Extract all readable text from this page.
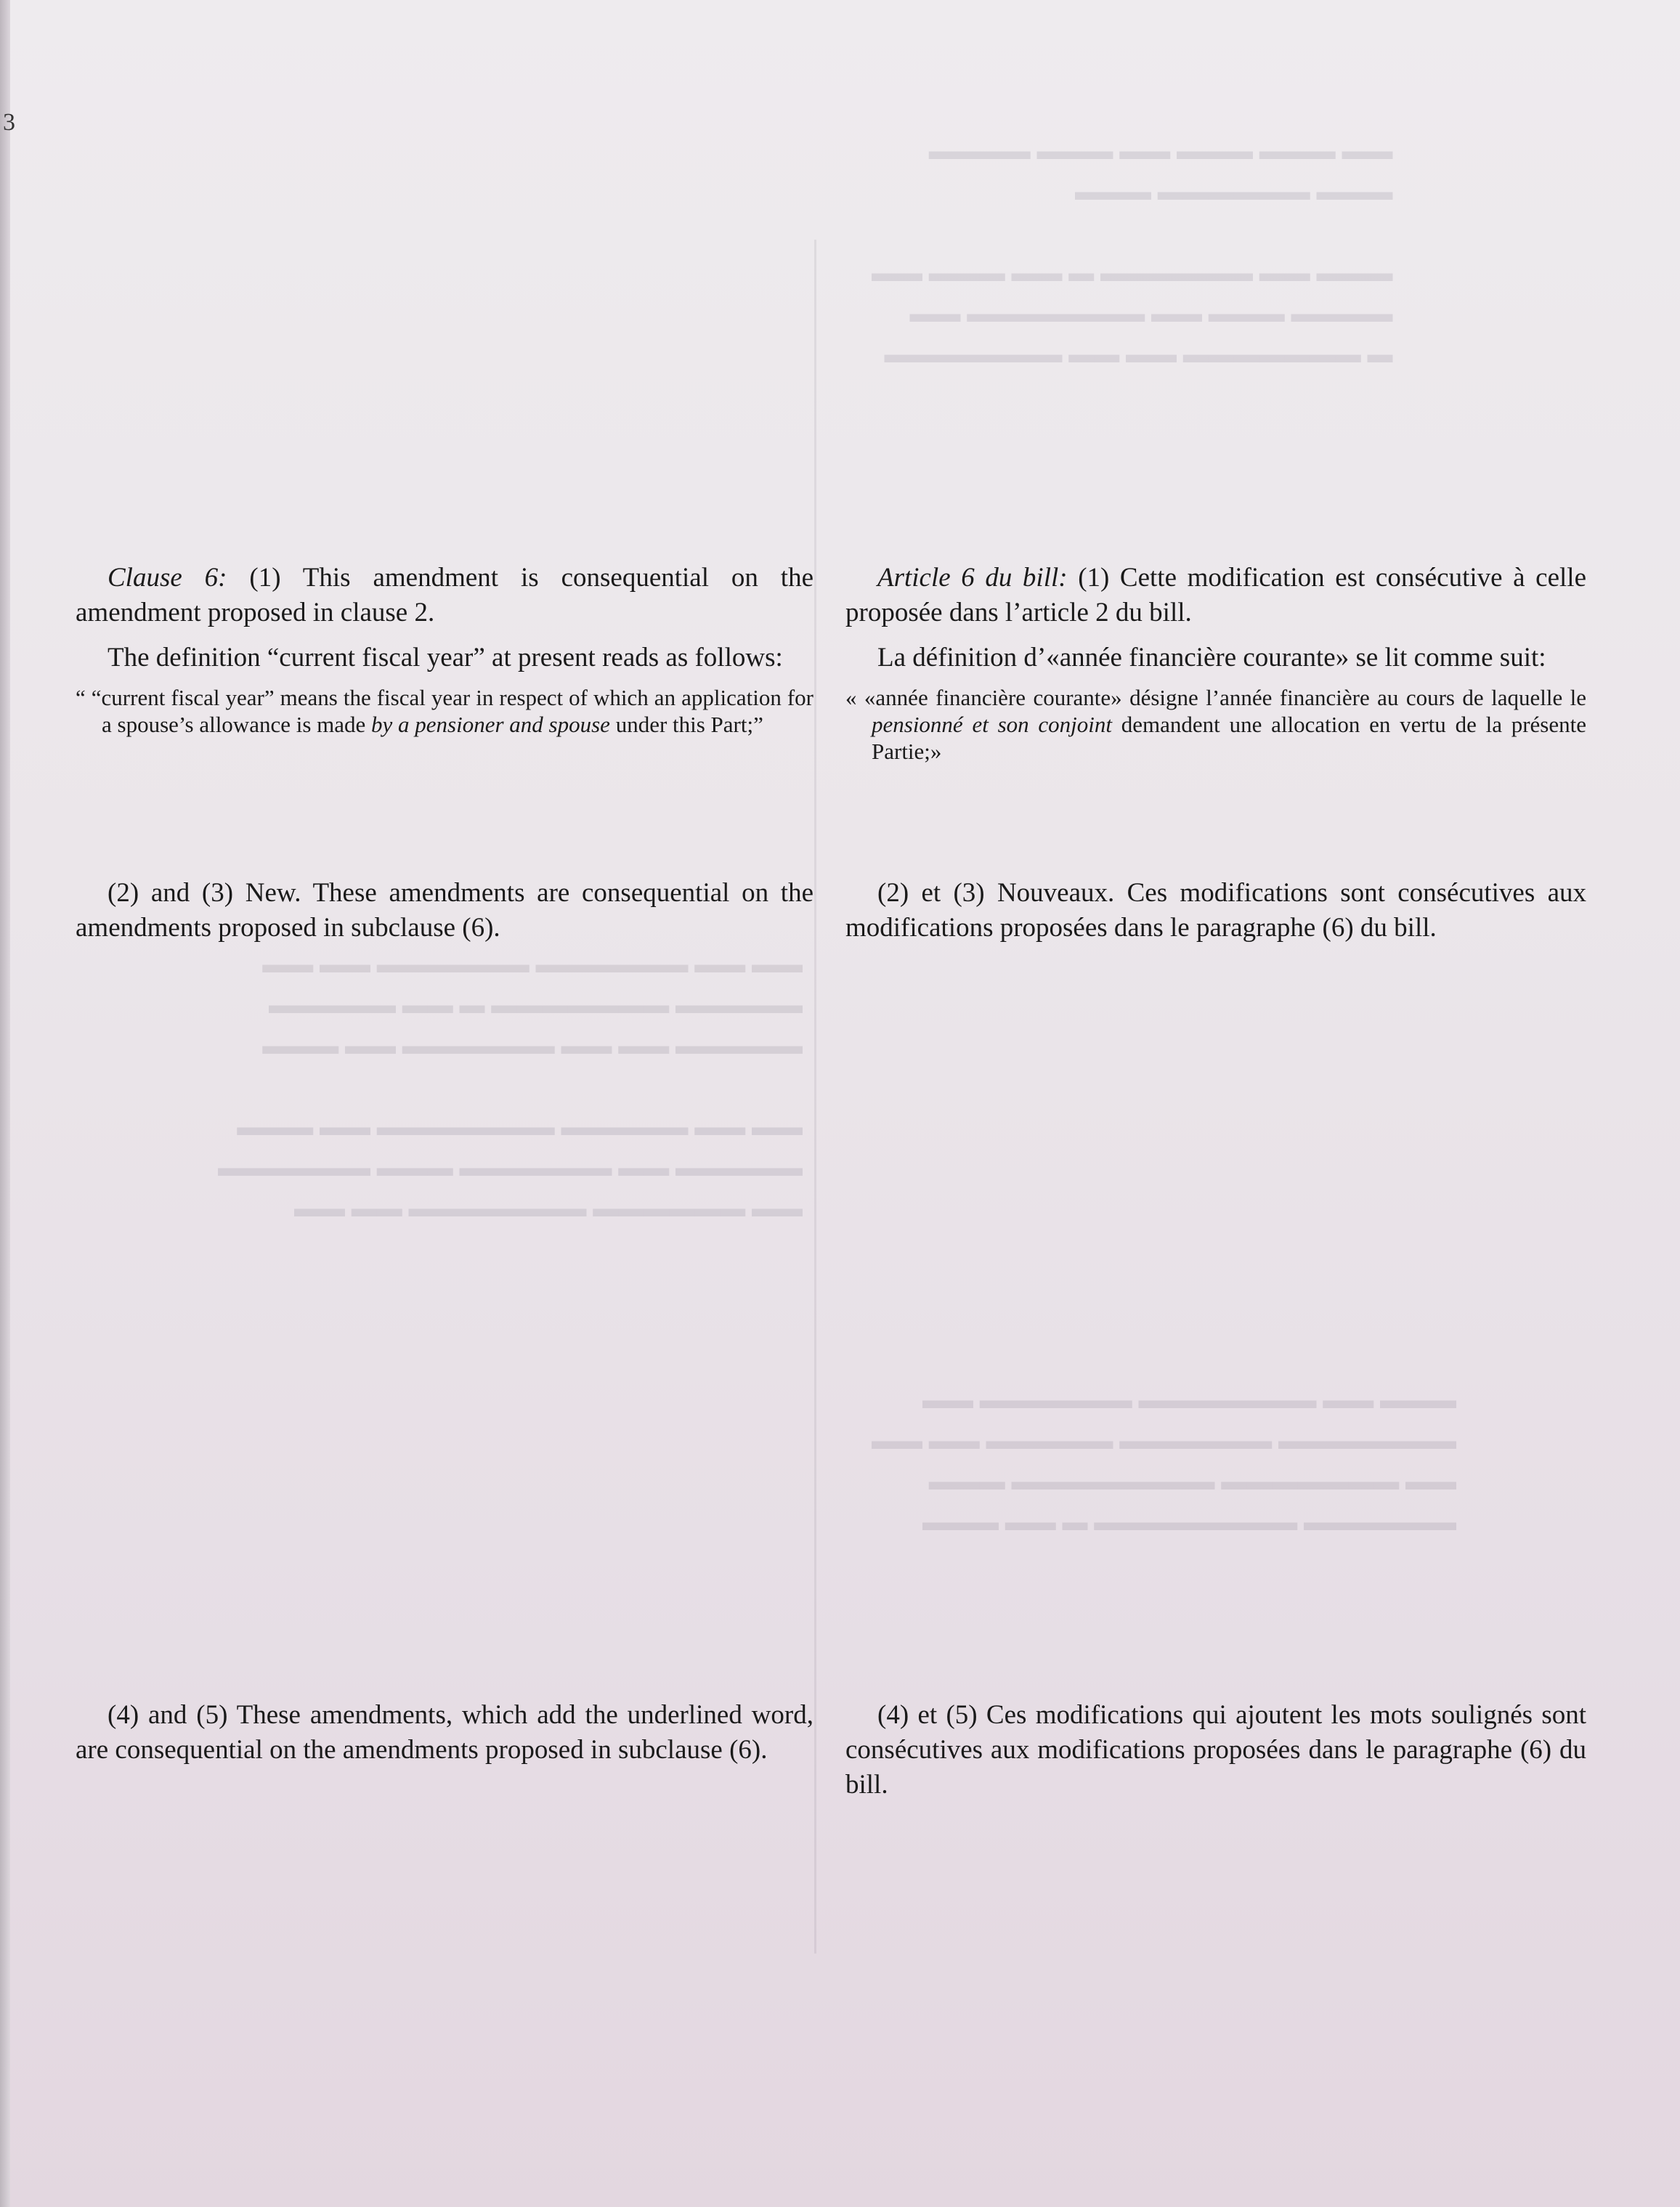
3
▬▬ ▬▬▬ ▬▬▬ ▬▬ ▬▬▬ ▬▬▬▬
▬▬▬ ▬▬▬▬▬▬ ▬▬▬

▬▬▬ ▬▬ ▬▬▬▬▬▬ ▬ ▬▬ ▬▬▬ ▬▬
▬▬▬▬ ▬▬▬ ▬▬ ▬▬▬▬▬▬▬ ▬▬
▬ ▬▬▬▬▬▬▬ ▬▬ ▬▬ ▬▬▬▬▬▬▬
▬▬ ▬▬ ▬▬▬▬▬▬ ▬▬▬▬▬▬ ▬▬ ▬▬
▬▬▬▬▬ ▬▬▬▬▬▬▬ ▬ ▬▬ ▬▬▬▬▬
▬▬▬▬▬ ▬▬ ▬▬ ▬▬▬▬▬▬ ▬▬ ▬▬▬

▬▬ ▬▬ ▬▬▬▬▬ ▬▬▬▬▬▬▬ ▬▬ ▬▬▬
▬▬▬▬▬ ▬▬ ▬▬▬▬▬▬ ▬▬▬ ▬▬▬▬▬▬
▬▬ ▬▬▬▬▬▬ ▬▬▬▬▬▬▬ ▬▬ ▬▬
▬▬▬ ▬▬ ▬▬▬▬▬▬▬ ▬▬▬▬▬▬ ▬▬
▬▬▬▬▬▬▬ ▬▬▬▬▬▬ ▬▬▬▬▬ ▬▬ ▬▬
▬▬ ▬▬▬▬▬▬▬ ▬▬▬▬▬▬▬▬ ▬▬▬
▬▬▬▬▬▬ ▬▬▬▬▬▬▬▬ ▬ ▬▬ ▬▬▬

Clause 6: (1) This amendment is consequential on the amendment proposed in clause 2.

The definition “current fiscal year” at present reads as follows:

“ “current fiscal year” means the fiscal year in respect of which an application for a spouse’s allowance is made by a pensioner and spouse under this Part;”

Article 6 du bill: (1) Cette modification est consécutive à celle proposée dans l’article 2 du bill.

La définition d’«année financière courante» se lit comme suit:

« «année financière courante» désigne l’année financière au cours de laquelle le pensionné et son conjoint demandent une allocation en vertu de la présente Partie;»

(2) and (3) New. These amendments are consequential on the amendments proposed in subclause (6).

(2) et (3) Nouveaux. Ces modifications sont consécutives aux modifications proposées dans le paragraphe (6) du bill.

(4) and (5) These amendments, which add the underlined word, are consequential on the amendments proposed in subclause (6).

(4) et (5) Ces modifications qui ajoutent les mots soulignés sont consécutives aux modifications proposées dans le paragraphe (6) du bill.
